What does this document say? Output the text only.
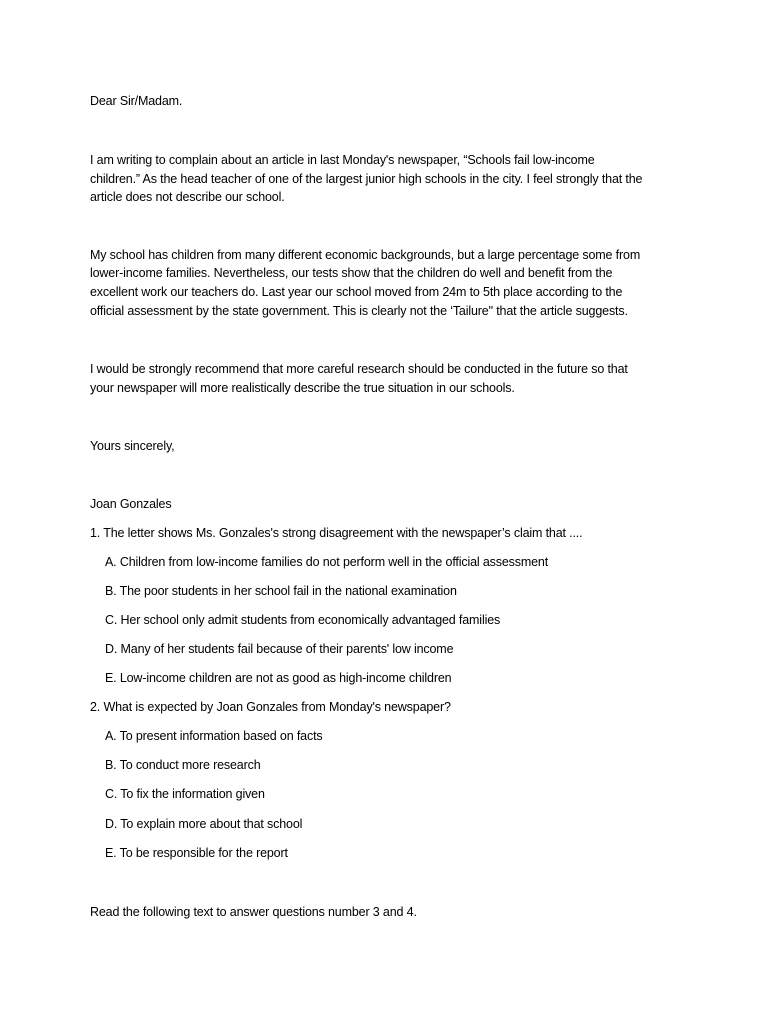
Dear Sir/Madam.
I am writing to complain about an article in last Monday's newspaper, “Schools fail low-income
children.” As the head teacher of one of the largest junior high schools in the city. I feel strongly that the
article does not describe our school.
My school has children from many different economic backgrounds, but a large percentage some from
lower-income families. Nevertheless, our tests show that the children do well and benefit from the
excellent work our teachers do. Last year our school moved from 24m to 5th place according to the
official assessment by the state government. This is clearly not the ‘Tailure" that the article suggests.
I would be strongly recommend that more careful research should be conducted in the future so that
your newspaper will more realistically describe the true situation in our schools.
Yours sincerely,
Joan Gonzales
1. The letter shows Ms. Gonzales's strong disagreement with the newspaper’s claim that ....
A. Children from low-income families do not perform well in the official assessment
B. The poor students in her school fail in the national examination
C. Her school only admit students from economically advantaged families
D. Many of her students fail because of their parents' low income
E. Low-income children are not as good as high-income children
2. What is expected by Joan Gonzales from Monday's newspaper?
A. To present information based on facts
B. To conduct more research
C. To fix the information given
D. To explain more about that school
E. To be responsible for the report
Read the following text to answer questions number 3 and 4.
